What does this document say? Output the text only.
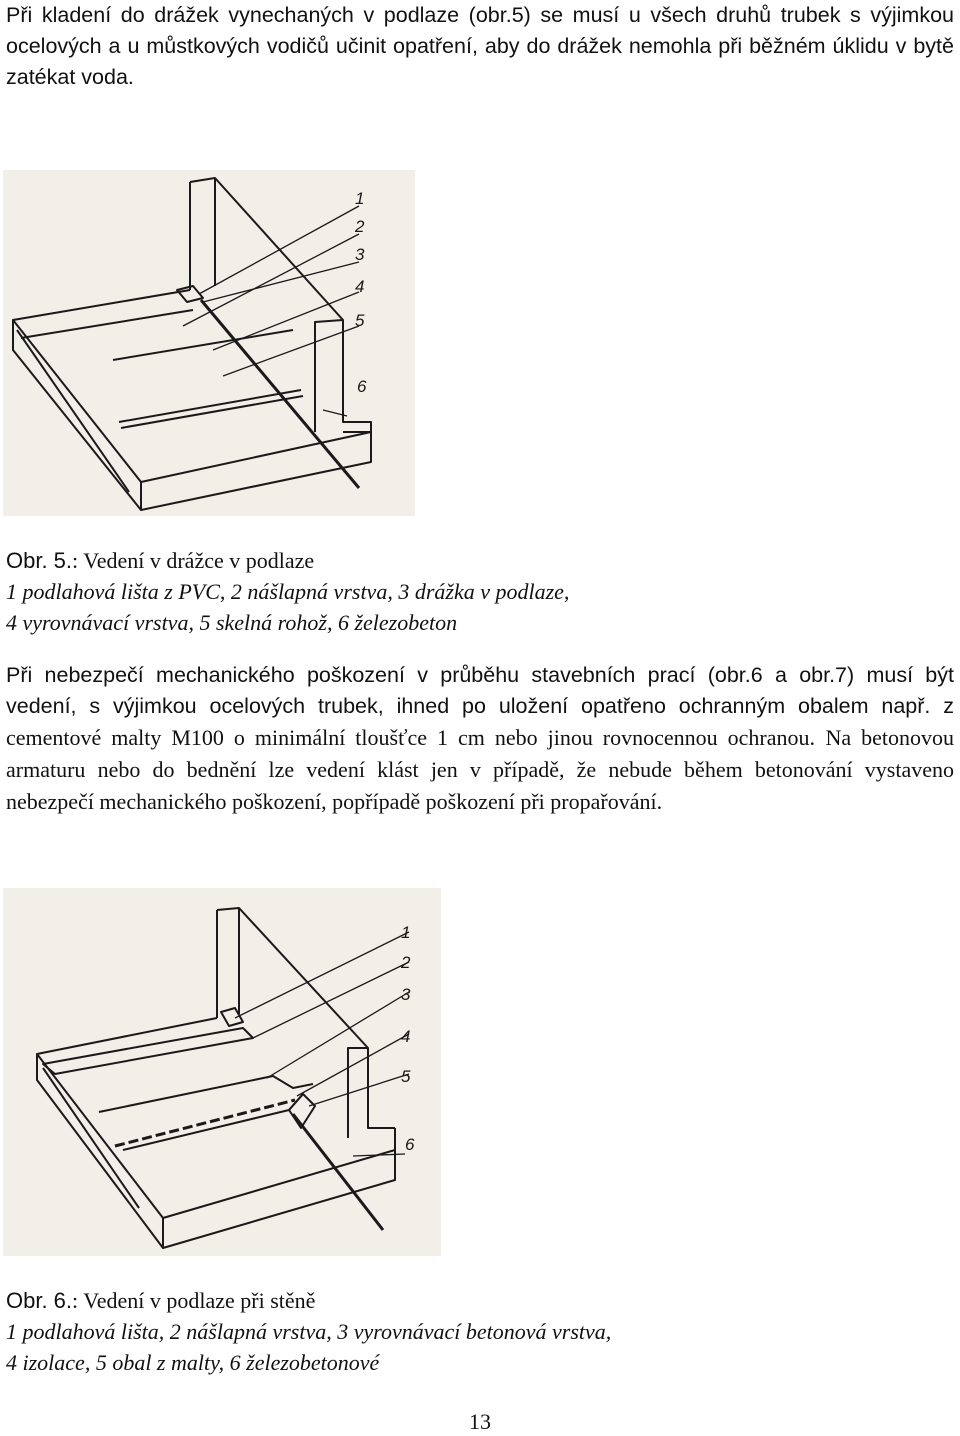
Při kladení do drážek vynechaných v podlaze (obr.5) se musí u všech druhů trubek s výjimkou ocelových a u můstkových vodičů učinit opatření, aby do drážek nemohla při běžném úklidu v bytě zatékat voda.

1
2
3
4
5
6
Obr. 5.: Vedení v drážce v podlaze
1 podlahová lišta z PVC, 2 nášlapná vrstva, 3 drážka v podlaze,
4 vyrovnávací vrstva, 5 skelná rohož, 6 železobeton

Při nebezpečí mechanického poškození v průběhu stavebních prací (obr.6 a obr.7) musí být vedení, s výjimkou ocelových trubek, ihned po uložení opatřeno ochranným obalem např. z cementové malty M100 o minimální tloušťce 1 cm nebo jinou rovnocennou ochranou. Na betonovou armaturu nebo do bednění lze vedení klást jen v případě, že nebude během betonování vystaveno nebezpečí mechanického poškození, popřípadě poškození při propařování.

1
2
3
4
5
6
Obr. 6.: Vedení v podlaze při stěně
1 podlahová lišta, 2 nášlapná vrstva, 3 vyrovnávací betonová vrstva,
4 izolace, 5 obal z malty, 6 železobetonové
13
